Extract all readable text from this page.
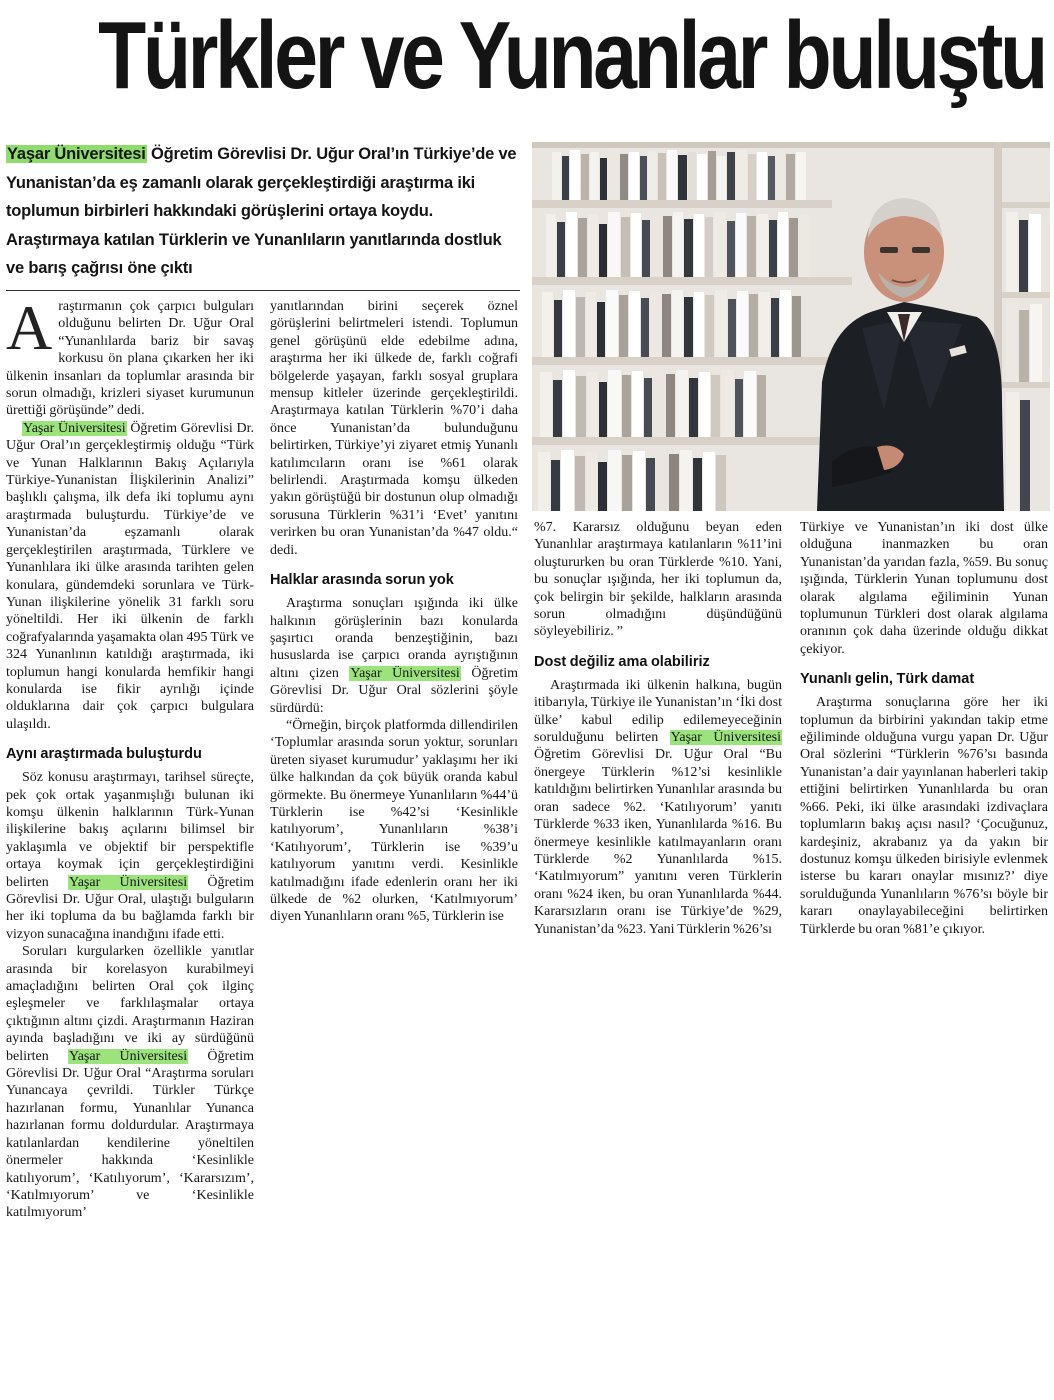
Türkler ve Yunanlar buluştu

Yaşar Üniversitesi Öğretim Görevlisi Dr. Uğur Oral’ın Türkiye’de ve Yunanistan’da eş zamanlı olarak gerçekleştirdiği araştırma iki toplumun birbirleri hakkındaki görüşlerini ortaya koydu. Araştırmaya katılan Türklerin ve Yunanlıların yanıtlarında dostluk ve barış çağrısı öne çıktı

Araştırmanın çok çarpıcı bulguları olduğunu belirten Dr. Uğur Oral “Yunanlılarda bariz bir savaş korkusu ön plana çıkarken her iki ülkenin insanları da toplumlar arasında bir sorun olmadığı, krizleri siyaset kurumunun ürettiği görüşünde” dedi.

Yaşar Üniversitesi Öğretim Görevlisi Dr. Uğur Oral’ın gerçekleştirmiş olduğu “Türk ve Yunan Halklarının Bakış Açılarıyla Türkiye-Yunanistan İlişkilerinin Analizi” başlıklı çalışma, ilk defa iki toplumu aynı araştırmada buluşturdu. Türkiye’de ve Yunanistan’da eşzamanlı olarak gerçekleştirilen araştırmada, Türklere ve Yunanlılara iki ülke arasında tarihten gelen konulara, gündemdeki sorunlara ve Türk-Yunan ilişkilerine yönelik 31 farklı soru yöneltildi. Her iki ülkenin de farklı coğrafyalarında yaşamakta olan 495 Türk ve 324 Yunanlının katıldığı araştırmada, iki toplumun hangi konularda hemfikir hangi konularda ise fikir ayrılığı içinde olduklarına dair çok çarpıcı bulgulara ulaşıldı.

Aynı araştırmada buluşturdu

Söz konusu araştırmayı, tarihsel süreçte, pek çok ortak yaşanmışlığı bulunan iki komşu ülkenin halklarının Türk-Yunan ilişkilerine bakış açılarını bilimsel bir yaklaşımla ve objektif bir perspektifle ortaya koymak için gerçekleştirdiğini belirten Yaşar Üniversitesi Öğretim Görevlisi Dr. Uğur Oral, ulaştığı bulguların her iki topluma da bu bağlamda farklı bir vizyon sunacağına inandığını ifade etti.

Soruları kurgularken özellikle yanıtlar arasında bir korelasyon kurabilmeyi amaçladığını belirten Oral çok ilginç eşleşmeler ve farklılaşmalar ortaya çıktığının altını çizdi. Araştırmanın Haziran ayında başladığını ve iki ay sürdüğünü belirten Yaşar Üniversitesi Öğretim Görevlisi Dr. Uğur Oral “Araştırma soruları Yunancaya çevrildi. Türkler Türkçe hazırlanan formu, Yunanlılar Yunanca hazırlanan formu doldurdular. Araştırmaya katılanlardan kendilerine yöneltilen önermeler hakkında ‘Kesinlikle katılıyorum’, ‘Katılıyorum’, ‘Kararsızım’, ‘Katılmıyorum’ ve ‘Kesinlikle katılmıyorum’

yanıtlarından birini seçerek öznel görüşlerini belirtmeleri istendi. Toplumun genel görüşünü elde edebilme adına, araştırma her iki ülkede de, farklı coğrafi bölgelerde yaşayan, farklı sosyal gruplara mensup kitleler üzerinde gerçekleştirildi. Araştırmaya katılan Türklerin %70’i daha önce Yunanistan’da bulunduğunu belirtirken, Türkiye’yi ziyaret etmiş Yunanlı katılımcıların oranı ise %61 olarak belirlendi. Araştırmada komşu ülkeden yakın görüştüğü bir dostunun olup olmadığı sorusuna Türklerin %31’i ‘Evet’ yanıtını verirken bu oran Yunanistan’da %47 oldu.“ dedi.

Halklar arasında sorun yok

Araştırma sonuçları ışığında iki ülke halkının görüşlerinin bazı konularda şaşırtıcı oranda benzeştiğinin, bazı hususlarda ise çarpıcı oranda ayrıştığının altını çizen Yaşar Üniversitesi Öğretim Görevlisi Dr. Uğur Oral sözlerini şöyle sürdürdü:

“Örneğin, birçok platformda dillendirilen ‘Toplumlar arasında sorun yoktur, sorunları üreten siyaset kurumudur’ yaklaşımı her iki ülke halkından da çok büyük oranda kabul görmekte. Bu önermeye Yunanlıların %44’ü Türklerin ise %42’si ‘Kesinlikle katılıyorum’, Yunanlıların %38’i ‘Katılıyorum’, Türklerin ise %39’u katılıyorum yanıtını verdi. Kesinlikle katılmadığını ifade edenlerin oranı her iki ülkede de %2 olurken, ‘Katılmıyorum’ diyen Yunanlıların oranı %5, Türklerin ise

%7. Kararsız olduğunu beyan eden Yunanlılar araştırmaya katılanların %11’ini oluştururken bu oran Türklerde %10. Yani, bu sonuçlar ışığında, her iki toplumun da, çok belirgin bir şekilde, halkların arasında sorun olmadığını düşündüğünü söyleyebiliriz. ”

Dost değiliz ama olabiliriz

Araştırmada iki ülkenin halkına, bugün itibarıyla, Türkiye ile Yunanistan’ın ‘İki dost ülke’ kabul edilip edilemeyeceğinin sorulduğunu belirten Yaşar Üniversitesi Öğretim Görevlisi Dr. Uğur Oral “Bu önergeye Türklerin %12’si kesinlikle katıldığını belirtirken Yunanlılar arasında bu oran sadece %2. ‘Katılıyorum’ yanıtı Türklerde %33 iken, Yunanlılarda %16. Bu önermeye kesinlikle katılmayanların oranı Türklerde %2 Yunanlılarda %15. ‘Katılmıyorum” yanıtını veren Türklerin oranı %24 iken, bu oran Yunanlılarda %44. Kararsızların oranı ise Türkiye’de %29, Yunanistan’da %23. Yani Türklerin %26’sı

Türkiye ve Yunanistan’ın iki dost ülke olduğuna inanmazken bu oran Yunanistan’da yarıdan fazla, %59. Bu sonuç ışığında, Türklerin Yunan toplumunu dost olarak algılama eğiliminin Yunan toplumunun Türkleri dost olarak algılama oranının çok daha üzerinde olduğu dikkat çekiyor.

Yunanlı gelin, Türk damat

Araştırma sonuçlarına göre her iki toplumun da birbirini yakından takip etme eğiliminde olduğuna vurgu yapan Dr. Uğur Oral sözlerini “Türklerin %76’sı basında Yunanistan’a dair yayınlanan haberleri takip ettiğini belirtirken Yunanlılarda bu oran %66. Peki, iki ülke arasındaki izdivaçlara toplumların bakış açısı nasıl? ‘Çocuğunuz, kardeşiniz, akrabanız ya da yakın bir dostunuz komşu ülkeden birisiyle evlenmek isterse bu kararı onaylar mısınız?’ diye sorulduğunda Yunanlıların %76’sı böyle bir kararı onaylayabileceğini belirtirken Türklerde bu oran %81’e çıkıyor.
